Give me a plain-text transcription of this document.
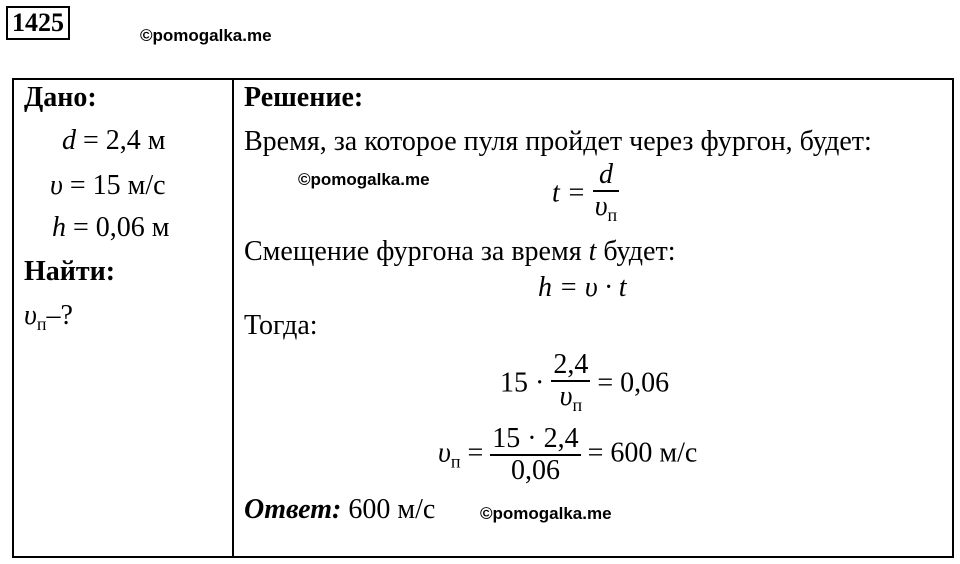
1425	©pomogalka.me
Дано:
d = 2,4 м
υ = 15 м/с
h = 0,06 м
Найти:
$\upsilon_п-$?
Решение:
Время, за которое пуля пройдет через фургон, будет:
©pomogalka.me	$t = \frac{d}{\upsilon_п}$
Смещение фургона за время t будет:
h = υ · t
Тогда:
$15 \cdot \frac{2,4}{\upsilon_п} = 0,06$
$\upsilon_п = \frac{15 \cdot 2,4}{0,06} = 600$ м/с
Ответ: 600 м/с	©pomogalka.me
